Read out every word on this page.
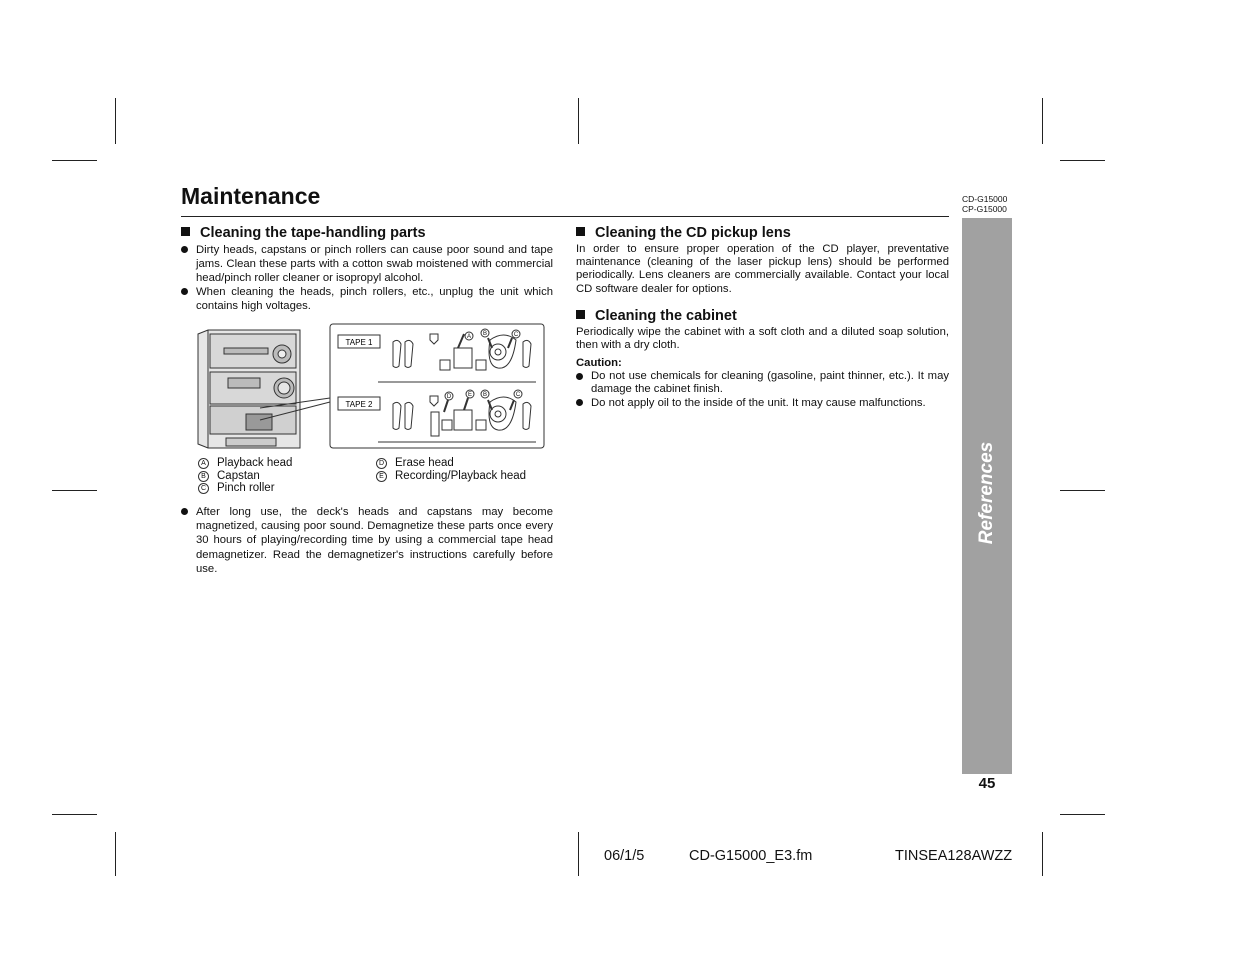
Maintenance	CD-G15000
CP-G15000
References
45
Cleaning the tape-handling parts
Dirty heads, capstans or pinch rollers can cause poor sound and tape jams. Clean these parts with a cotton swab moistened with commercial head/pinch roller cleaner or isopropyl alcohol.
When cleaning the heads, pinch rollers, etc., unplug the unit which contains high voltages.
TAPE 1
TAPE 2
A B	C
D	E B	C
A Playback head
B Capstan
C Pinch roller
D Erase head
E Recording/Playback head
After long use, the deck's heads and capstans may become magnetized, causing poor sound. Demagnetize these parts once every 30 hours of playing/recording time by using a commercial tape head demagnetizer. Read the demagnetizer's instructions carefully before use.
Cleaning the CD pickup lens
In order to ensure proper operation of the CD player, preventative maintenance (cleaning of the laser pickup lens) should be performed periodically. Lens cleaners are commercially available. Contact your local CD software dealer for options.
Cleaning the cabinet
Periodically wipe the cabinet with a soft cloth and a diluted soap solution, then with a dry cloth.
Caution:
Do not use chemicals for cleaning (gasoline, paint thinner, etc.). It may damage the cabinet finish.
Do not apply oil to the inside of the unit. It may cause malfunctions.
06/1/5	CD-G15000_E3.fm	TINSEA128AWZZ
